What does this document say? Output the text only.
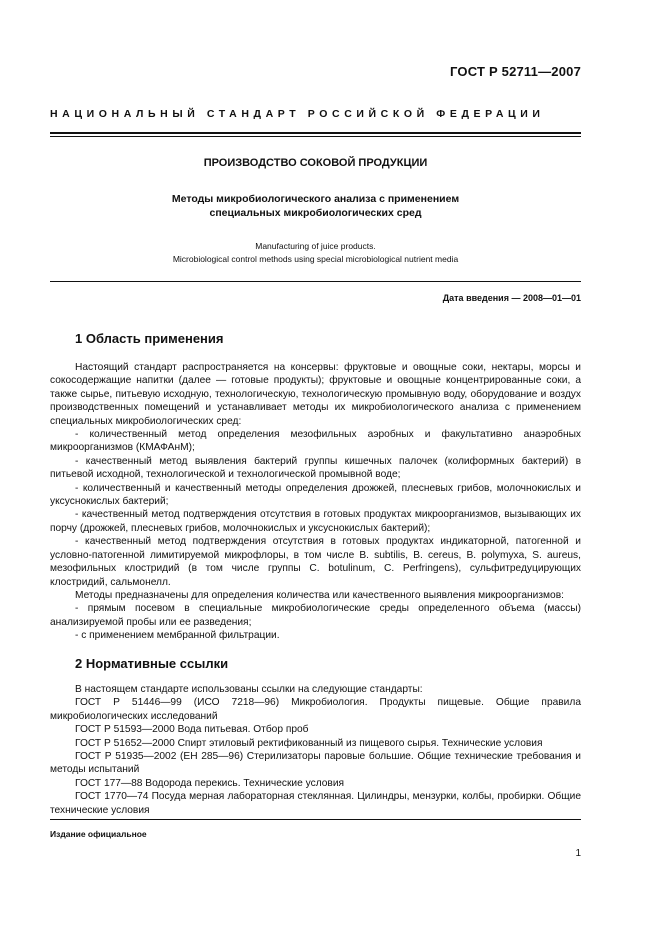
ГОСТ Р 52711—2007
НАЦИОНАЛЬНЫЙ СТАНДАРТ РОССИЙСКОЙ ФЕДЕРАЦИИ
ПРОИЗВОДСТВО СОКОВОЙ ПРОДУКЦИИ
Методы микробиологического анализа с применением
специальных микробиологических сред
Manufacturing of juice products.
Microbiological control methods using special microbiological nutrient media
Дата введения — 2008—01—01
1 Область применения

Настоящий стандарт распространяется на консервы: фруктовые и овощные соки, нектары, морсы и сокосодержащие напитки (далее — готовые продукты); фруктовые и овощные концентрированные соки, а также сырье, питьевую исходную, технологическую, технологическую промывную воду, оборудование и воздух производственных помещений и устанавливает методы их микробиологического анализа с применением специальных микробиологических сред:

- количественный метод определения мезофильных аэробных и факультативно анаэробных микроорганизмов (КМАФАнМ);

- качественный метод выявления бактерий группы кишечных палочек (колиформных бактерий) в питьевой исходной, технологической и технологической промывной воде;

- количественный и качественный методы определения дрожжей, плесневых грибов, молочнокислых и уксуснокислых бактерий;

- качественный метод подтверждения отсутствия в готовых продуктах микроорганизмов, вызывающих их порчу (дрожжей, плесневых грибов, молочнокислых и уксуснокислых бактерий);

- качественный метод подтверждения отсутствия в готовых продуктах индикаторной, патогенной и условно-патогенной лимитируемой микрофлоры, в том числе B. subtilis, B. cereus, B. polymyxa, S. aureus, мезофильных клостридий (в том числе группы C. botulinum, C. Perfringens), сульфитредуцирующих клостридий, сальмонелл.

Методы предназначены для определения количества или качественного выявления микроорганизмов:

- прямым посевом в специальные микробиологические среды определенного объема (массы) анализируемой пробы или ее разведения;

- с применением мембранной фильтрации.

2 Нормативные ссылки

В настоящем стандарте использованы ссылки на следующие стандарты:

ГОСТ Р 51446—99 (ИСО 7218—96) Микробиология. Продукты пищевые. Общие правила микробиологических исследований

ГОСТ Р 51593—2000 Вода питьевая. Отбор проб

ГОСТ Р 51652—2000 Спирт этиловый ректификованный из пищевого сырья. Технические условия

ГОСТ Р 51935—2002 (ЕН 285—96) Стерилизаторы паровые большие. Общие технические требования и методы испытаний

ГОСТ 177—88 Водорода перекись. Технические условия

ГОСТ 1770—74 Посуда мерная лабораторная стеклянная. Цилиндры, мензурки, колбы, пробирки. Общие технические условия

Издание официальное
1
